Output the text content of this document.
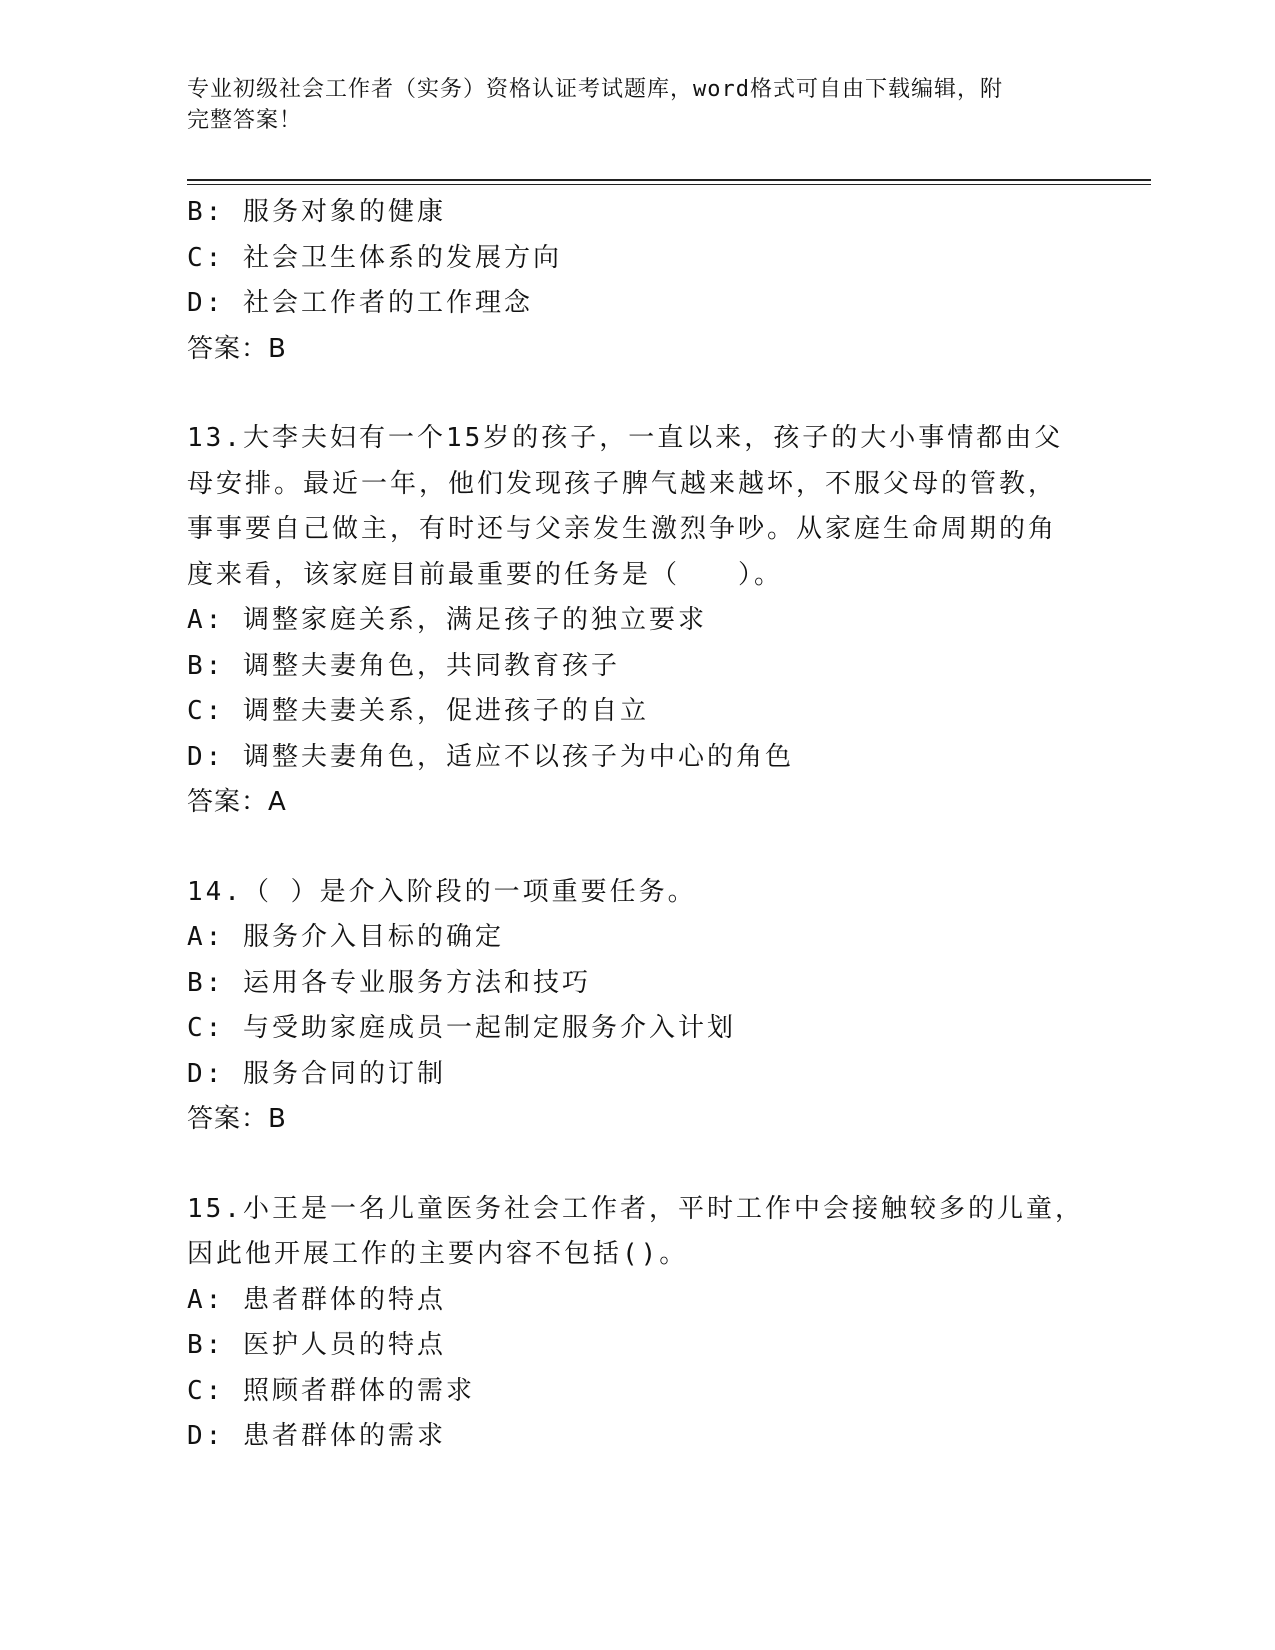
专业初级社会工作者（实务）资格认证考试题库，word格式可自由下载编辑，附
完整答案！
B: 服务对象的健康
C: 社会卫生体系的发展方向
D: 社会工作者的工作理念
答案：B
13.大李夫妇有一个15岁的孩子，一直以来，孩子的大小事情都由父
母安排。最近一年，他们发现孩子脾气越来越坏，不服父母的管教，
事事要自己做主，有时还与父亲发生激烈争吵。从家庭生命周期的角
度来看，该家庭目前最重要的任务是（　　）。
A: 调整家庭关系，满足孩子的独立要求
B: 调整夫妻角色，共同教育孩子
C: 调整夫妻关系，促进孩子的自立
D: 调整夫妻角色，适应不以孩子为中心的角色
答案：A
14.（ ）是介入阶段的一项重要任务。
A: 服务介入目标的确定
B: 运用各专业服务方法和技巧
C: 与受助家庭成员一起制定服务介入计划
D: 服务合同的订制
答案：B
15.小王是一名儿童医务社会工作者，平时工作中会接触较多的儿童，
因此他开展工作的主要内容不包括()。
A: 患者群体的特点
B: 医护人员的特点
C: 照顾者群体的需求
D: 患者群体的需求
